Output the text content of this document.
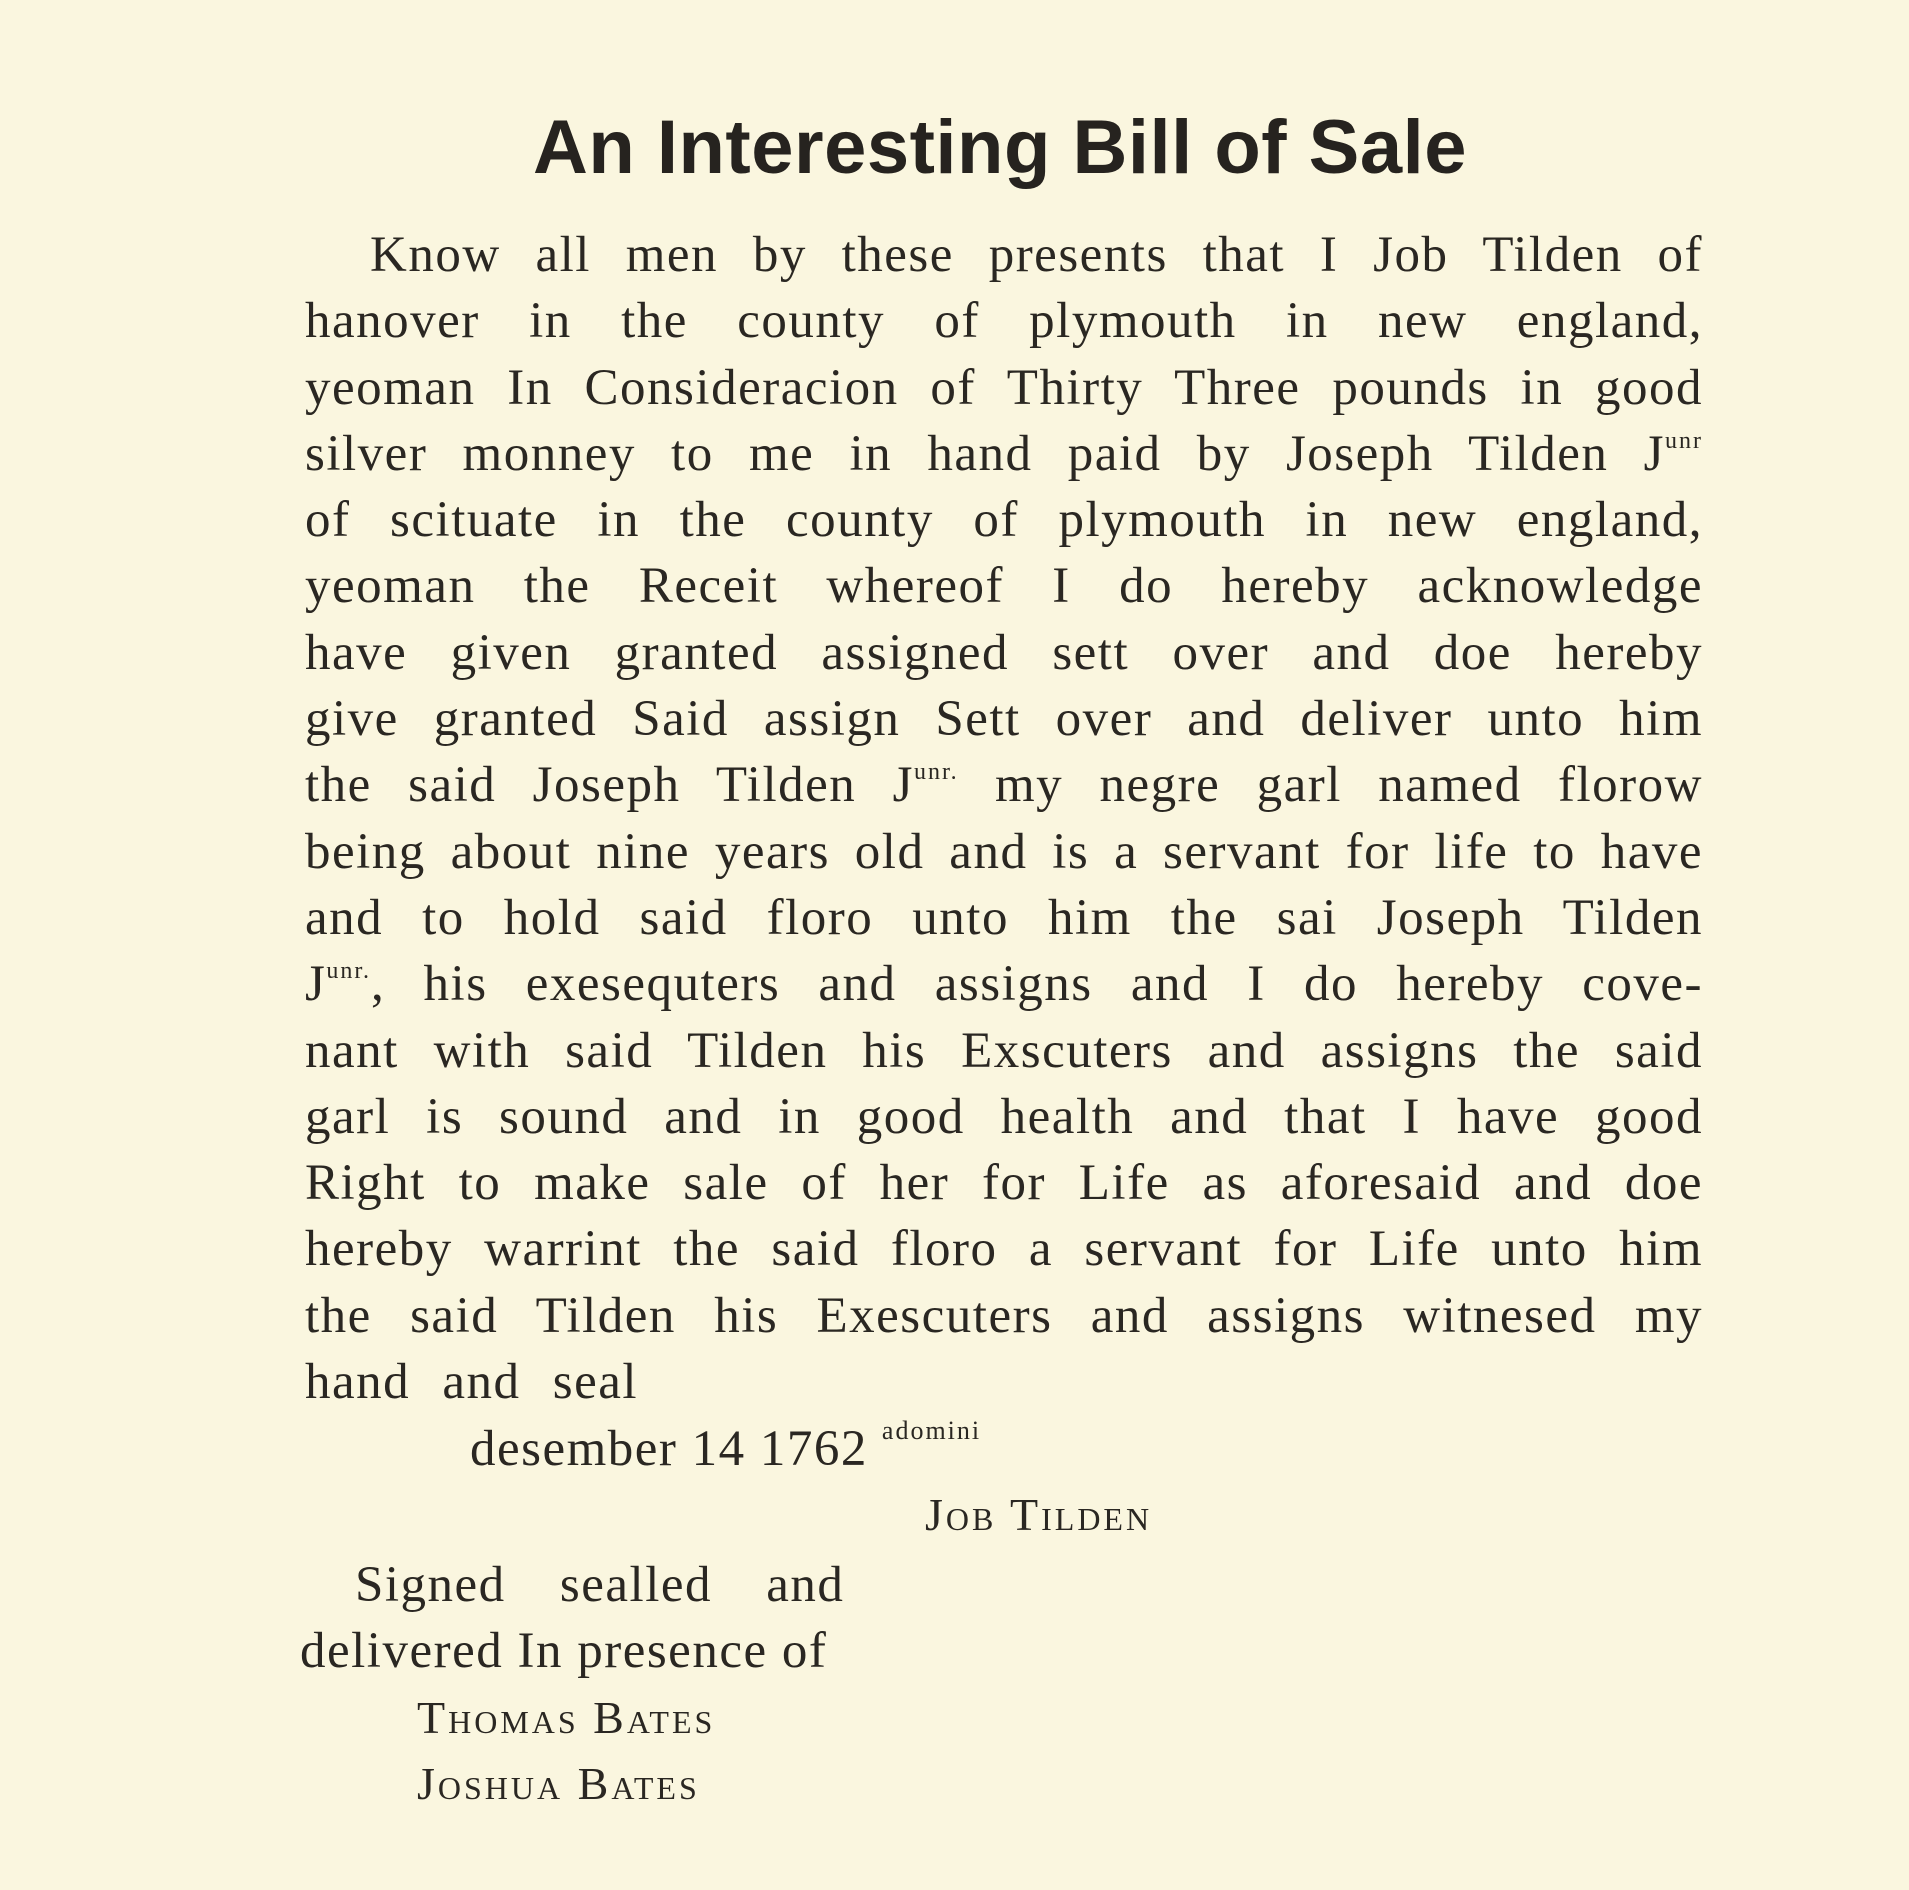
An Interesting Bill of Sale
Know all men by these presents that I Job Tilden of
hanover in the county of plymouth in new england,
yeoman In Consideracion of Thirty Three pounds in good
silver monney to me in hand paid by Joseph Tilden $J^{unr}$
of scituate in the county of plymouth in new england,
yeoman the Receit whereof I do hereby acknowledge
have given granted assigned sett over and doe hereby
give granted Said assign Sett over and deliver unto him
the said Joseph Tilden $J^{unr.}$ my negre garl named florow
being about nine years old and is a servant for life to have
and to hold said floro unto him the sai Joseph Tilden
$J^{unr.}$, his exesequters and assigns and I do hereby cove-
nant with said Tilden his Exscuters and assigns the said
garl is sound and in good health and that I have good
Right to make sale of her for Life as aforesaid and doe
hereby warrint the said floro a servant for Life unto him
the said Tilden his Exescuters and assigns witnesed my
hand and seal
desember 14 1762 $^{adomini}$
Job Tilden
Signed sealled and
delivered In presence of
Thomas Bates
Joshua Bates
